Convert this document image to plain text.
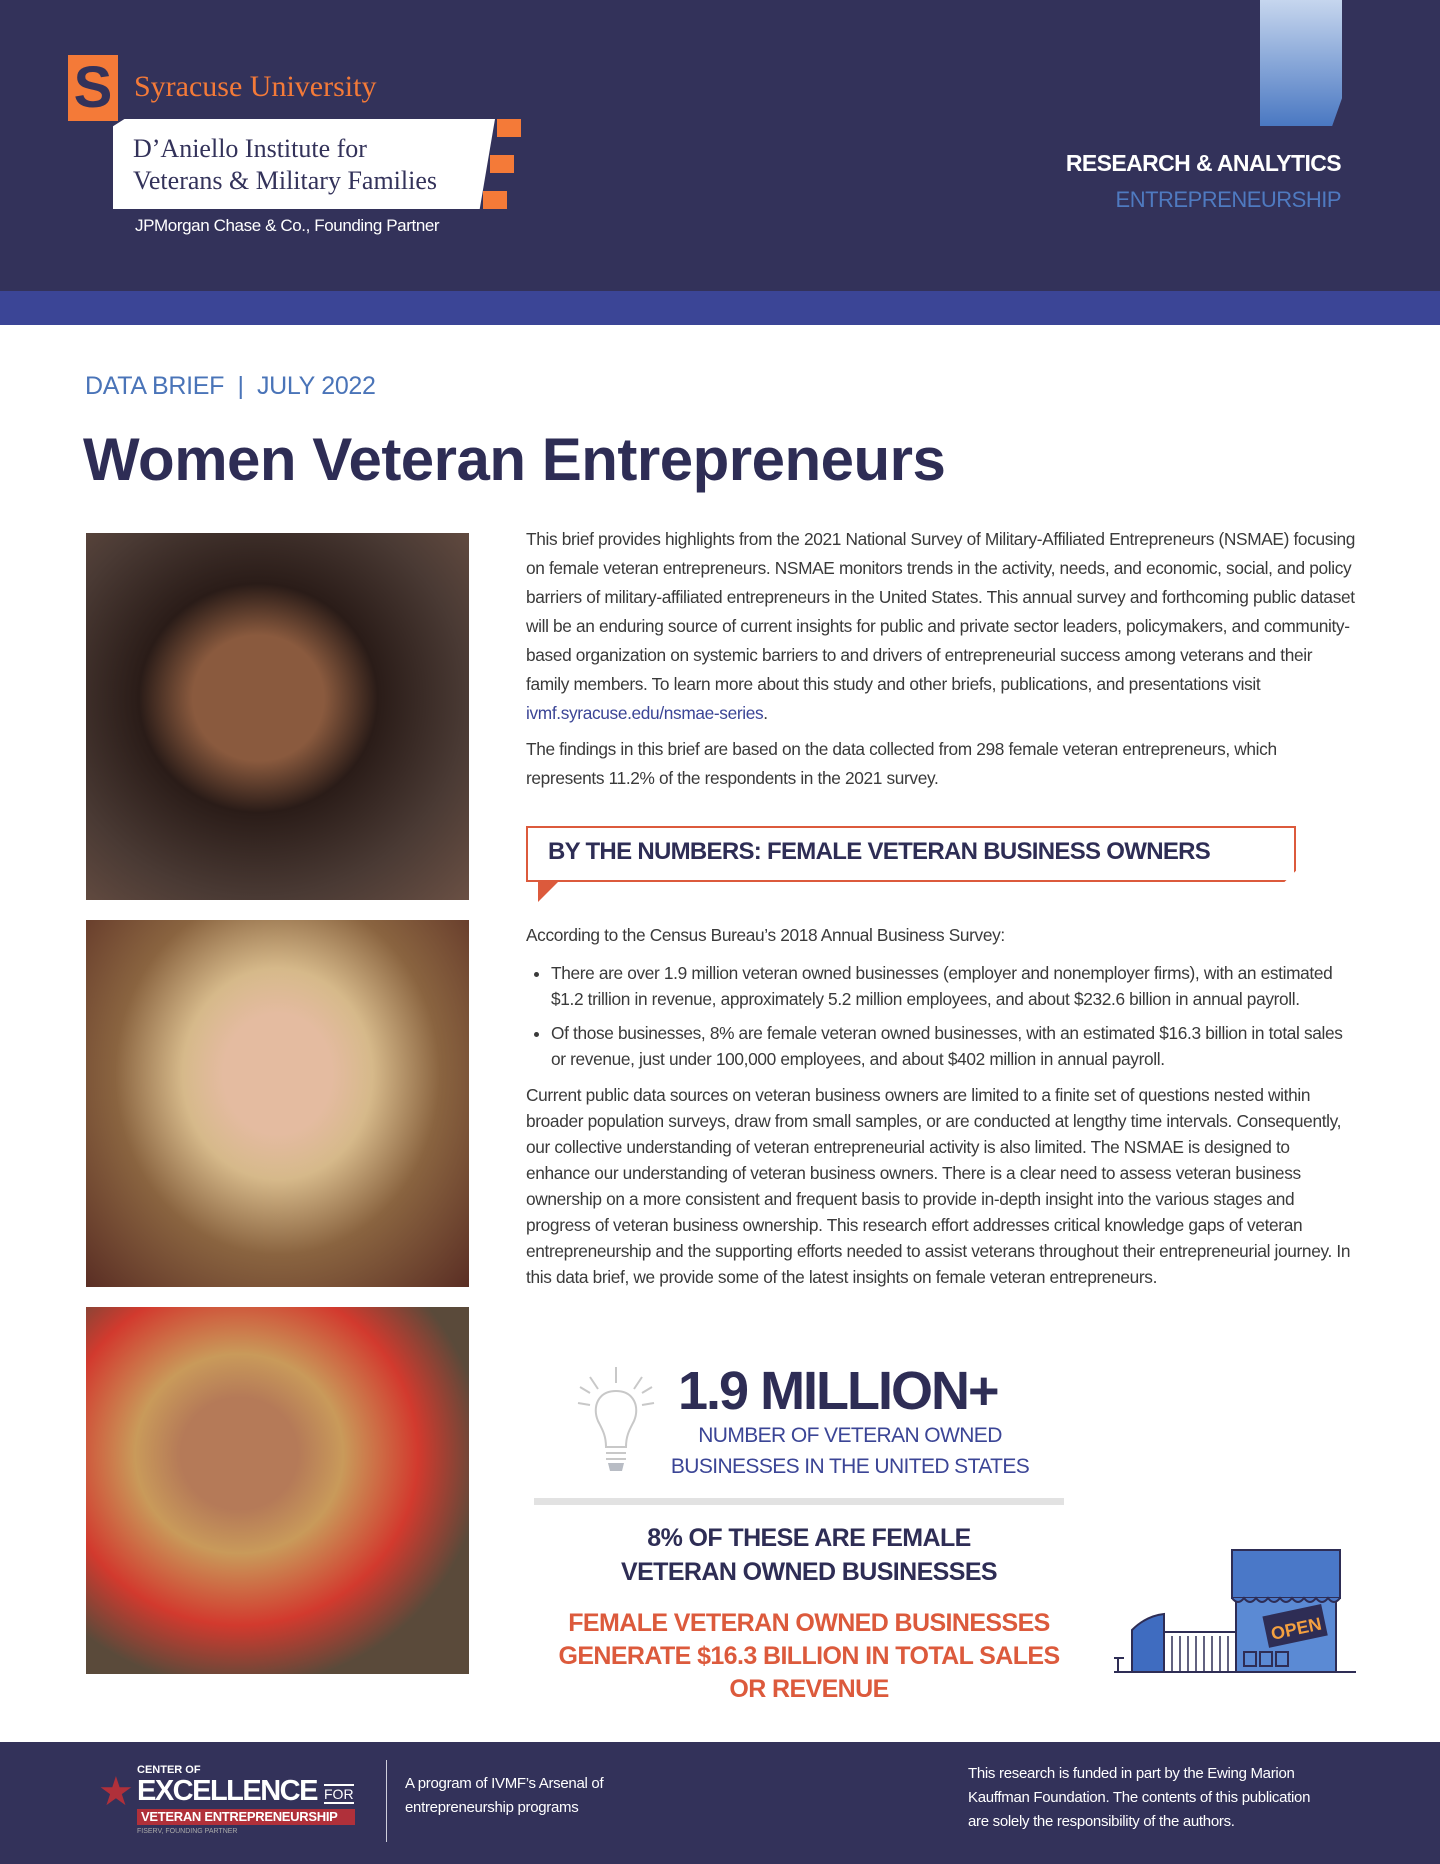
S Syracuse University
D’Aniello Institute for
Veterans & Military Families
JPMorgan Chase & Co., Founding Partner
RESEARCH & ANALYTICS
ENTREPRENEURSHIP
DATA BRIEF | JULY 2022
Women Veteran Entrepreneurs
This brief provides highlights from the 2021 National Survey of Military-Affiliated Entrepreneurs (NSMAE) focusing on female veteran entrepreneurs. NSMAE monitors trends in the activity, needs, and economic, social, and policy barriers of military-affiliated entrepreneurs in the United States. This annual survey and forthcoming public dataset will be an enduring source of current insights for public and private sector leaders, policymakers, and community-based organization on systemic barriers to and drivers of entrepreneurial success among veterans and their family members. To learn more about this study and other briefs, publications, and presentations visit ivmf.syracuse.edu/nsmae-series.

The findings in this brief are based on the data collected from 298 female veteran entrepreneurs, which represents 11.2% of the respondents in the 2021 survey.

BY THE NUMBERS: FEMALE VETERAN BUSINESS OWNERS

According to the Census Bureau’s 2018 Annual Business Survey:

• There are over 1.9 million veteran owned businesses (employer and nonemployer firms), with an estimated $1.2 trillion in revenue, approximately 5.2 million employees, and about $232.6 billion in annual payroll.
• Of those businesses, 8% are female veteran owned businesses, with an estimated $16.3 billion in total sales or revenue, just under 100,000 employees, and about $402 million in annual payroll.

Current public data sources on veteran business owners are limited to a finite set of questions nested within broader population surveys, draw from small samples, or are conducted at lengthy time intervals. Consequently, our collective understanding of veteran entrepreneurial activity is also limited. The NSMAE is designed to enhance our understanding of veteran business owners. There is a clear need to assess veteran business ownership on a more consistent and frequent basis to provide in-depth insight into the various stages and progress of veteran business ownership. This research effort addresses critical knowledge gaps of veteran entrepreneurship and the supporting efforts needed to assist veterans throughout their entrepreneurial journey. In this data brief, we provide some of the latest insights on female veteran entrepreneurs.

1.9 MILLION+
NUMBER OF VETERAN OWNED
BUSINESSES IN THE UNITED STATES
8% OF THESE ARE FEMALE
VETERAN OWNED BUSINESSES
FEMALE VETERAN OWNED BUSINESSES
GENERATE $16.3 BILLION IN TOTAL SALES
OR REVENUE
OPEN
★ CENTER OF
EXCELLENCE FOR
VETERAN ENTREPRENEURSHIP
FISERV, FOUNDING PARTNER
A program of IVMF’s Arsenal of
entrepreneurship programs
This research is funded in part by the Ewing Marion
Kauffman Foundation. The contents of this publication
are solely the responsibility of the authors.
